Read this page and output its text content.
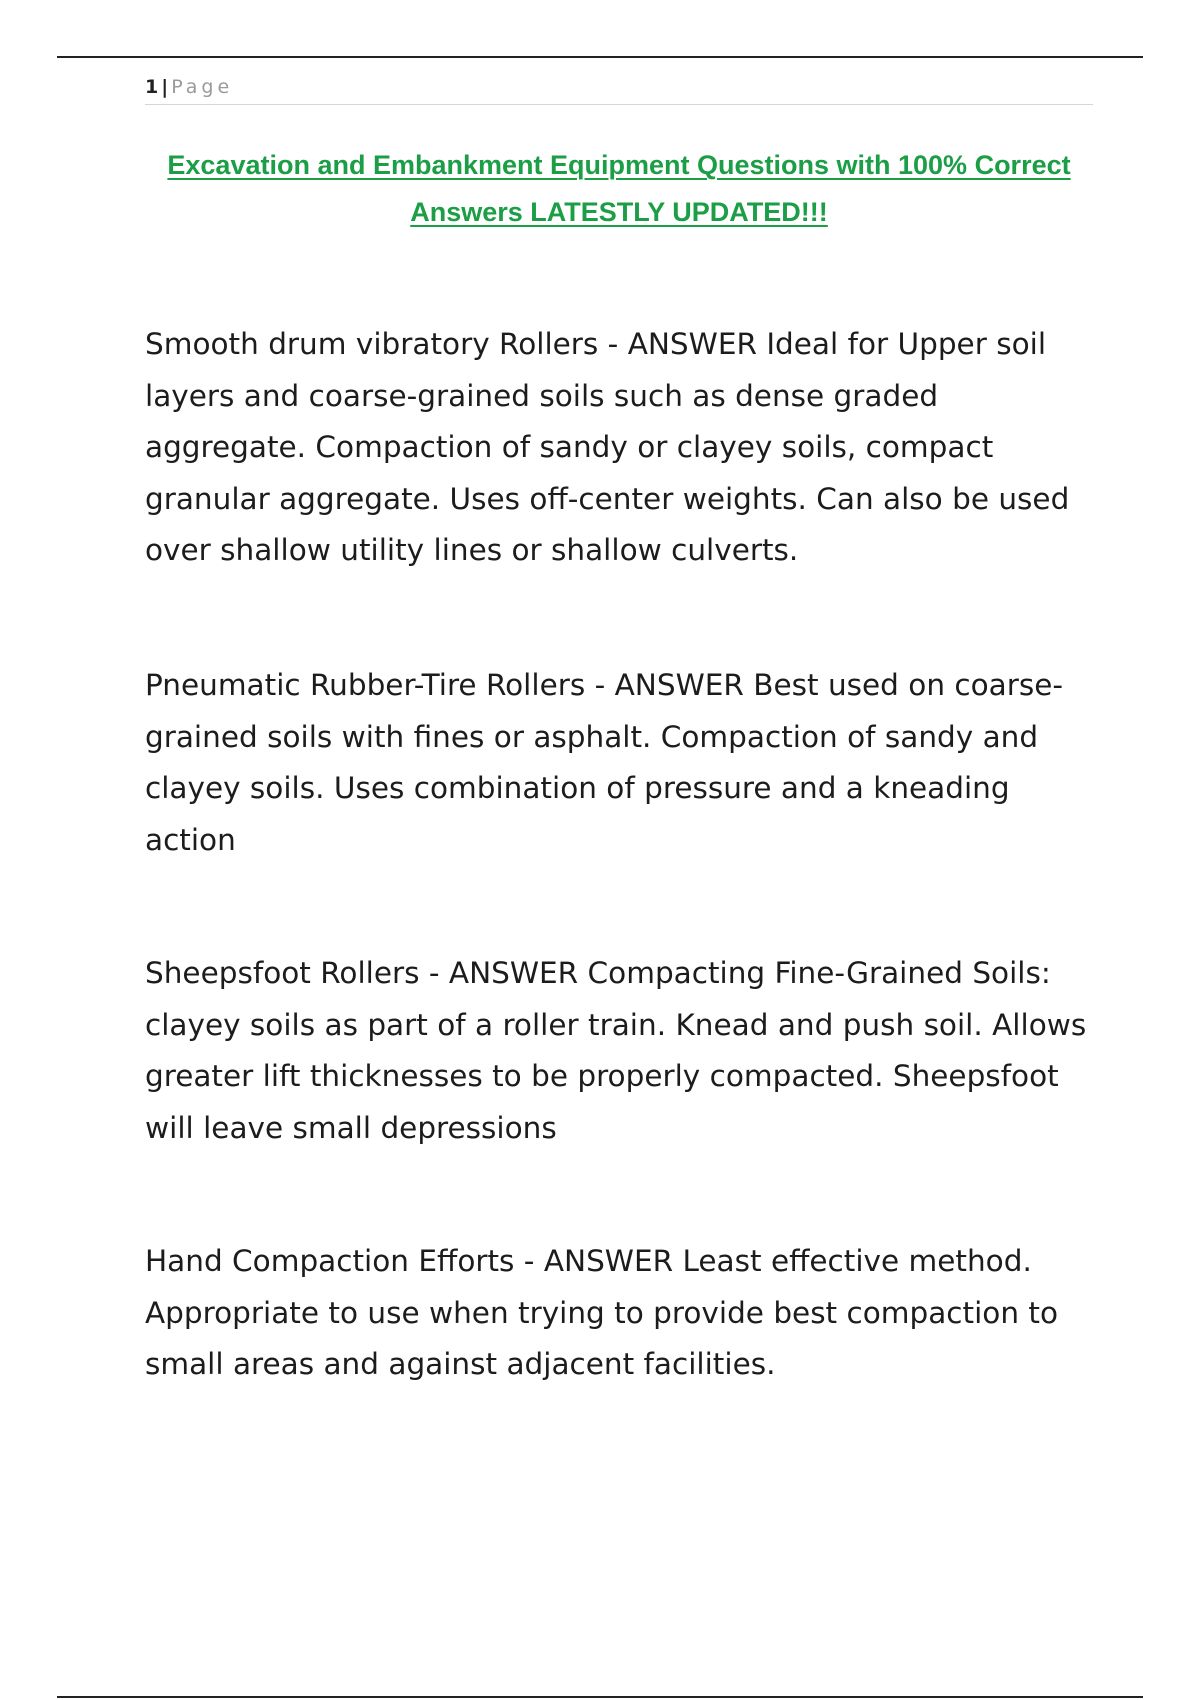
1 | Page
Excavation and Embankment Equipment Questions with 100% Correct Answers LATESTLY UPDATED!!!

Smooth drum vibratory Rollers - ANSWER Ideal for Upper soil layers and coarse-grained soils such as dense graded aggregate. Compaction of sandy or clayey soils, compact granular aggregate. Uses off-center weights. Can also be used over shallow utility lines or shallow culverts.

Pneumatic Rubber-Tire Rollers - ANSWER Best used on coarse-grained soils with fines or asphalt. Compaction of sandy and clayey soils. Uses combination of pressure and a kneading action

Sheepsfoot Rollers - ANSWER Compacting Fine-Grained Soils: clayey soils as part of a roller train. Knead and push soil. Allows greater lift thicknesses to be properly compacted. Sheepsfoot will leave small depressions

Hand Compaction Efforts - ANSWER Least effective method. Appropriate to use when trying to provide best compaction to small areas and against adjacent facilities.
